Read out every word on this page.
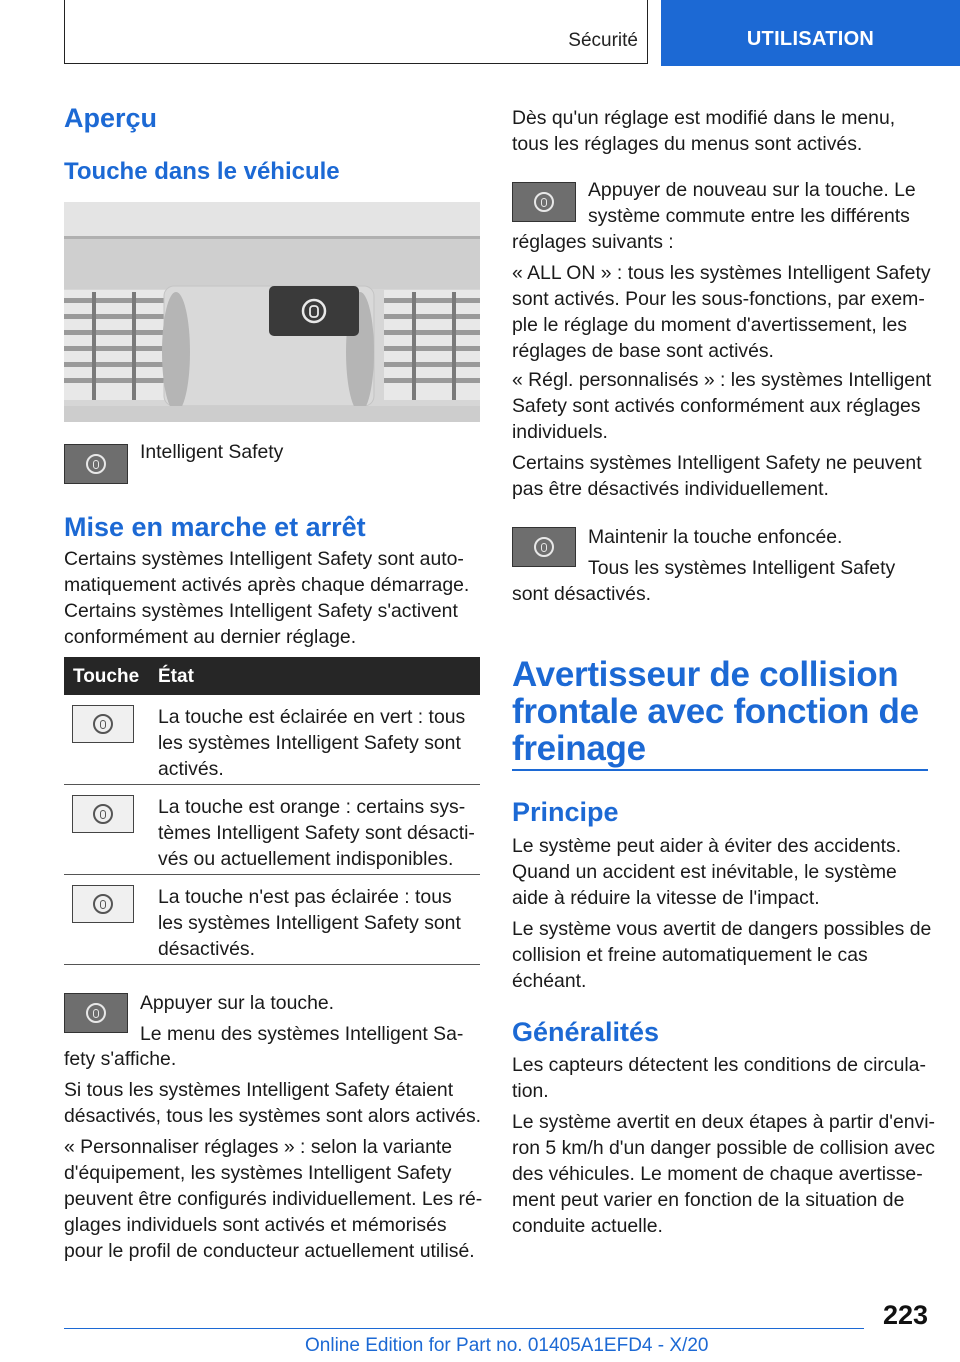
Sécurité	UTILISATION
Aperçu
Touche dans le véhicule
Intelligent Safety
Mise en marche et arrêt
Certains systèmes Intelligent Safety sont auto-
matiquement activés après chaque démarrage.
Certains systèmes Intelligent Safety s'activent
conformément au dernier réglage.
Touche État
La touche est éclairée en vert : tous
les systèmes Intelligent Safety sont
activés.
La touche est orange : certains sys-
tèmes Intelligent Safety sont désacti-
vés ou actuellement indisponibles.
La touche n'est pas éclairée : tous
les systèmes Intelligent Safety sont
désactivés.
Appuyer sur la touche.
Le menu des systèmes Intelligent Sa-
fety s'affiche.
Si tous les systèmes Intelligent Safety étaient
désactivés, tous les systèmes sont alors activés.
« Personnaliser réglages » : selon la variante
d'équipement, les systèmes Intelligent Safety
peuvent être configurés individuellement. Les ré-
glages individuels sont activés et mémorisés
pour le profil de conducteur actuellement utilisé.
Dès qu'un réglage est modifié dans le menu,
tous les réglages du menus sont activés.
Appuyer de nouveau sur la touche. Le
système commute entre les différents
réglages suivants :
« ALL ON » : tous les systèmes Intelligent Safety
sont activés. Pour les sous-fonctions, par exem-
ple le réglage du moment d'avertissement, les
réglages de base sont activés.
« Régl. personnalisés » : les systèmes Intelligent
Safety sont activés conformément aux réglages
individuels.
Certains systèmes Intelligent Safety ne peuvent
pas être désactivés individuellement.
Maintenir la touche enfoncée.
Tous les systèmes Intelligent Safety
sont désactivés.
Avertisseur de collision
frontale avec fonction de
freinage
Principe
Le système peut aider à éviter des accidents.
Quand un accident est inévitable, le système
aide à réduire la vitesse de l'impact.
Le système vous avertit de dangers possibles de
collision et freine automatiquement le cas
échéant.
Généralités
Les capteurs détectent les conditions de circula-
tion.
Le système avertit en deux étapes à partir d'envi-
ron 5 km/h d'un danger possible de collision avec
des véhicules. Le moment de chaque avertisse-
ment peut varier en fonction de la situation de
conduite actuelle.
223
Online Edition for Part no. 01405A1EFD4 - X/20
